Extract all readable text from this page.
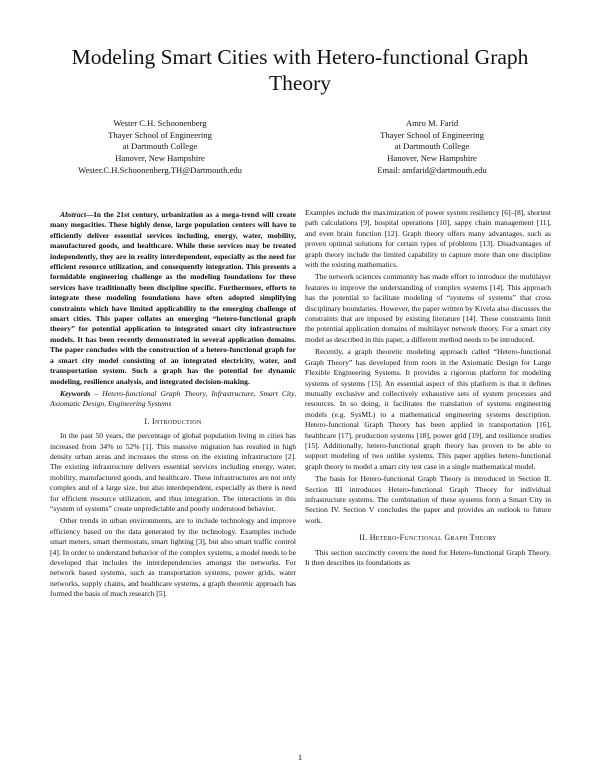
Modeling Smart Cities with Hetero-functional Graph Theory
Wester C.H. Schoonenberg
Thayer School of Engineering
at Dartmouth College
Hanover, New Hampshire
Wester.C.H.Schoonenberg.TH@Dartmouth.edu
Amro M. Farid
Thayer School of Engineering
at Dartmouth College
Hanover, New Hampshire
Email: amfarid@dartmouth.edu

Abstract—In the 21st century, urbanization as a mega-trend will create many megacities. These highly dense, large population centers will have to efficiently deliver essential services including, energy, water, mobility, manufactured goods, and healthcare. While these services may be treated independently, they are in reality interdependent, especially as the need for efficient resource utilization, and consequently integration. This presents a formidable engineering challenge as the modeling foundations for these services have traditionally been discipline specific. Furthermore, efforts to integrate these modeling foundations have often adopted simplifying constraints which have limited applicability to the emerging challenge of smart cities. This paper collates an emerging “hetero-functional graph theory” for potential application to integrated smart city infrastructure models. It has been recently demonstrated in several application domains. The paper concludes with the construction of a hetero-functional graph for a smart city model consisting of an integrated electricity, water, and transportation system. Such a graph has the potential for dynamic modeling, resilience analysis, and integrated decision-making.

Keywords – Hetero-functional Graph Theory, Infrastructure, Smart City, Axiomatic Design, Engineering Systems

I. Introduction

In the past 50 years, the percentage of global population living in cities has increased from 34% to 52% [1]. This massive migration has resulted in high density urban areas and increases the stress on the existing infrastructure [2]. The existing infrastructure delivers essential services including energy, water, mobility, manufactured goods, and healthcare. These infrastructures are not only complex and of a large size, but also interdependent, especially as there is need for efficient resource utilization, and thus integration. The interactions in this “system of systems” create unpredictable and poorly understood behavior.

Other trends in urban environments, are to include technology and improve efficiency based on the data generated by the technology. Examples include smart meters, smart thermostats, smart lighting [3], but also smart traffic control [4]. In order to understand behavior of the complex systems, a model needs to be developed that includes the interdependencies amongst the networks. For network based systems, such as transportation systems, power grids, water networks, supply chains, and healthcare systems, a graph theoretic approach has formed the basis of much research [5].

Examples include the maximization of power system resiliency [6]–[8], shortest path calculations [9], hospital operations [10], sappy chain management [11], and even brain function [12]. Graph theory offers many advantages, such as proven optimal solutions for certain types of problems [13]. Disadvantages of graph theory include the limited capability to capture more than one discipline with the existing mathematics.

The network sciences community has made effort to introduce the multilayer features to improve the understanding of complex systems [14]. This approach has the potential to facilitate modeling of “systems of systems” that cross disciplinary boundaries. However, the paper written by Kivela also discusses the constraints that are imposed by existing literature [14]. These constraints limit the potential application domains of multilayer network theory. For a smart city model as described in this paper, a different method needs to be introduced.

Recently, a graph theoretic modeling approach called “Hetero-functional Graph Theory” has developed from roots in the Axiomatic Design for Large Flexible Engineering Systems. It provides a rigorous platform for modeling systems of systems [15]. An essential aspect of this platform is that it defines mutually exclusive and collectively exhaustive sets of system processes and resources. In so doing, it facilitates the translation of systems engineering models (e.g. SysML) to a mathematical engineering systems description. Hetero-functional Graph Theory has been applied in transportation [16], healthcare [17], production systems [18], power grid [19], and resilience studies [15]. Additionally, hetero-functional graph theory has proven to be able to support modeling of two unlike systems. This paper applies hetero-functional graph theory to model a smart city test case in a single mathematical model.

The basis for Hetero-functional Graph Theory is introduced in Section II. Section III introduces Hetero-functional Graph Theory for individual infrastructure systems. The combination of these systems form a Smart City in Section IV. Section V concludes the paper and provides an outlook to future work.

II. Hetero-Functional Graph Theory

This section succinctly covers the need for Hetero-functional Graph Theory. It then describes its foundations as

1
